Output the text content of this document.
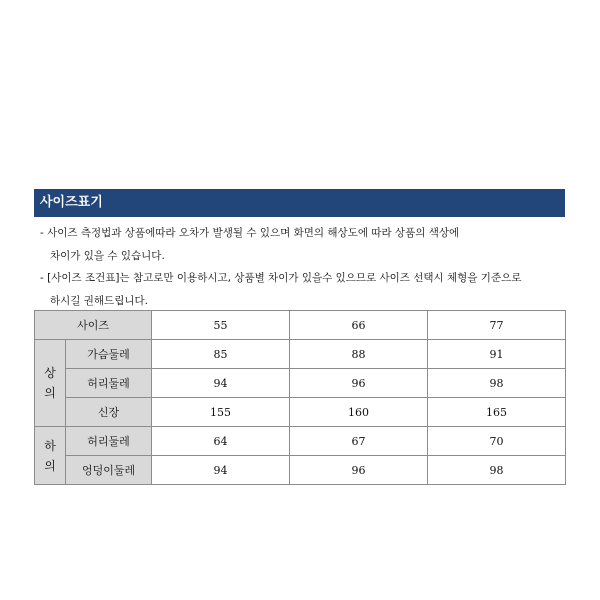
사이즈표기
- 사이즈 측정법과 상품에따라 오차가 발생될 수 있으며 화면의 해상도에 따라 상품의 색상에
차이가 있을 수 있습니다.
- [사이즈 조건표]는 참고로만 이용하시고, 상품별 차이가 있을수 있으므로 사이즈 선택시 체형을 기준으로
하시길 권해드립니다.
사이즈		55	66	77

상
의	가슴둘레	85	88	91
	허리둘레	94	96	98
	신장	155	160	165

하
의	허리둘레	64	67	70
	엉덩이둘레	94	96	98
